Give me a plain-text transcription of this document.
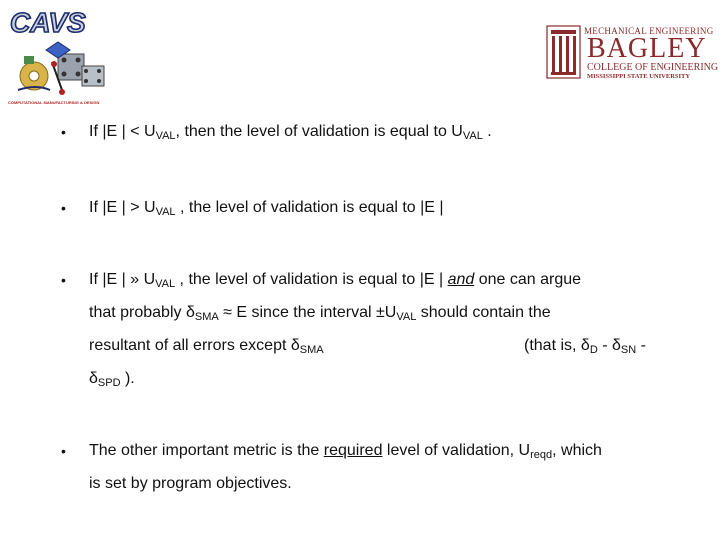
CAVS
COMPUTATIONAL MANUFACTURING & DESIGN
MECHANICAL ENGINEERING
BAGLEY
COLLEGE OF ENGINEERING
MISSISSIPPI STATE UNIVERSITY
• If |E | < $U_{VAL}$, then the level of validation is equal to $U_{VAL}$ .
• If |E | > $U_{VAL}$ , the level of validation is equal to |E |
• If |E | » $U_{VAL}$ , the level of validation is equal to |E | and one can argue
that probably $\delta_{SMA} \approx E$ since the interval $\pm U_{VAL}$ should contain the
resultant of all errors except $\delta_{SMA}$	(that is, $\delta_D - \delta_{SN}$ -
$\delta_{SPD}$ ).
• The other important metric is the required level of validation, $U_{reqd}$, which
is set by program objectives.
